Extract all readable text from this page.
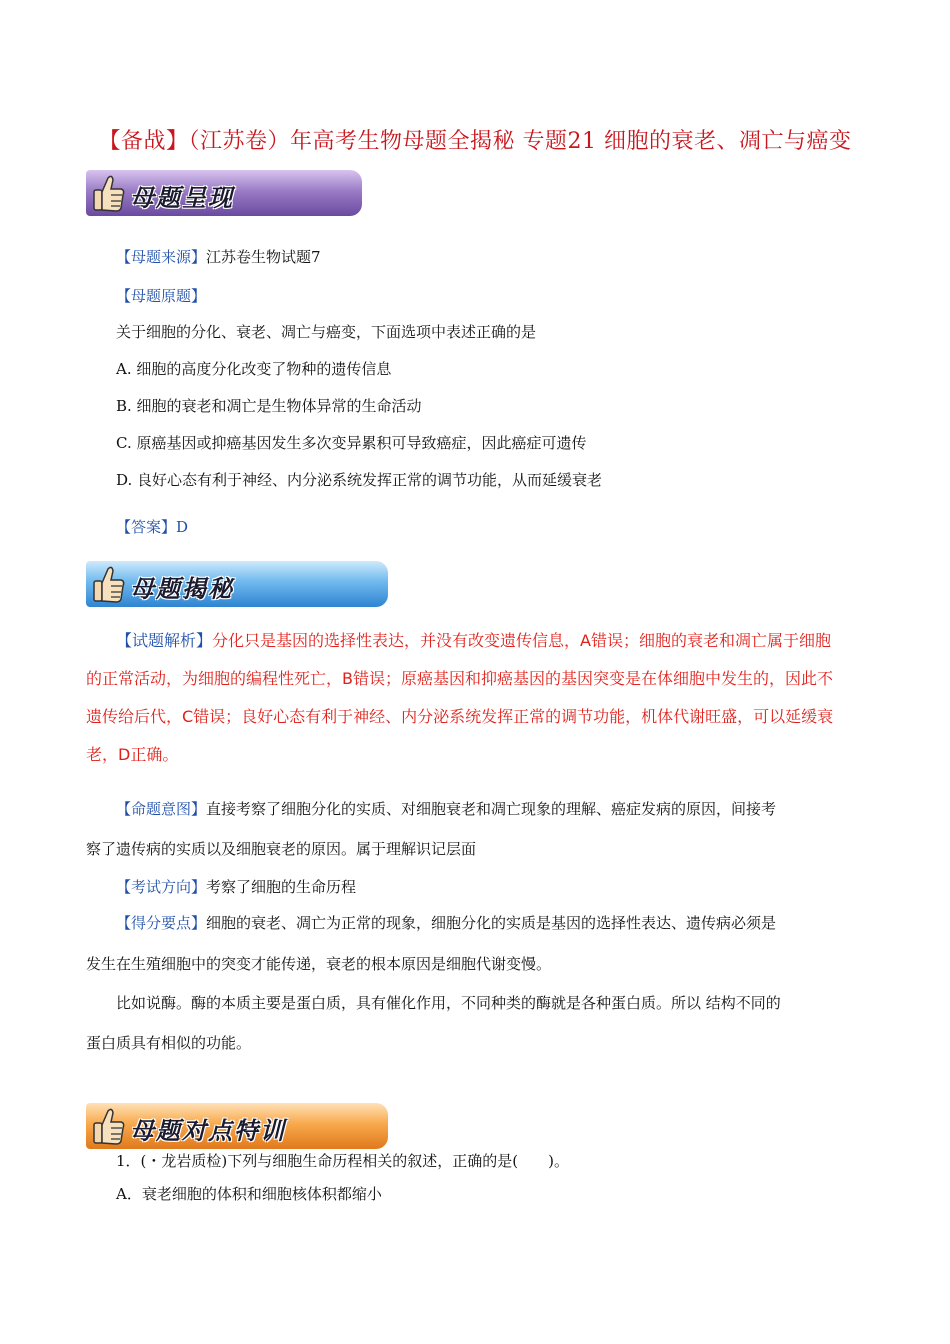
【备战】（江苏卷）年高考生物母题全揭秘 专题21 细胞的衰老、凋亡与癌变
母题呈现
【母题来源】江苏卷生物试题7
【母题原题】
关于细胞的分化、衰老、凋亡与癌变，下面选项中表述正确的是
A. 细胞的高度分化改变了物种的遗传信息
B. 细胞的衰老和凋亡是生物体异常的生命活动
C. 原癌基因或抑癌基因发生多次变异累积可导致癌症，因此癌症可遗传
D. 良好心态有利于神经、内分泌系统发挥正常的调节功能，从而延缓衰老
【答案】D
母题揭秘
【试题解析】分化只是基因的选择性表达，并没有改变遗传信息，A错误；细胞的衰老和凋亡属于细胞
的正常活动，为细胞的编程性死亡，B错误；原癌基因和抑癌基因的基因突变是在体细胞中发生的，因此不
遗传给后代，C错误；良好心态有利于神经、内分泌系统发挥正常的调节功能，机体代谢旺盛，可以延缓衰
老，D正确。
【命题意图】直接考察了细胞分化的实质、对细胞衰老和凋亡现象的理解、癌症发病的原因，间接考
察了遗传病的实质以及细胞衰老的原因。属于理解识记层面
【考试方向】考察了细胞的生命历程
【得分要点】细胞的衰老、凋亡为正常的现象，细胞分化的实质是基因的选择性表达、遗传病必须是
发生在生殖细胞中的突变才能传递，衰老的根本原因是细胞代谢变慢。
比如说酶。酶的本质主要是蛋白质，具有催化作用，不同种类的酶就是各种蛋白质。所以 结构不同的
蛋白质具有相似的功能。
母题对点特训
1．(・龙岩质检)下列与细胞生命历程相关的叙述，正确的是(　　)。
A．衰老细胞的体积和细胞核体积都缩小
